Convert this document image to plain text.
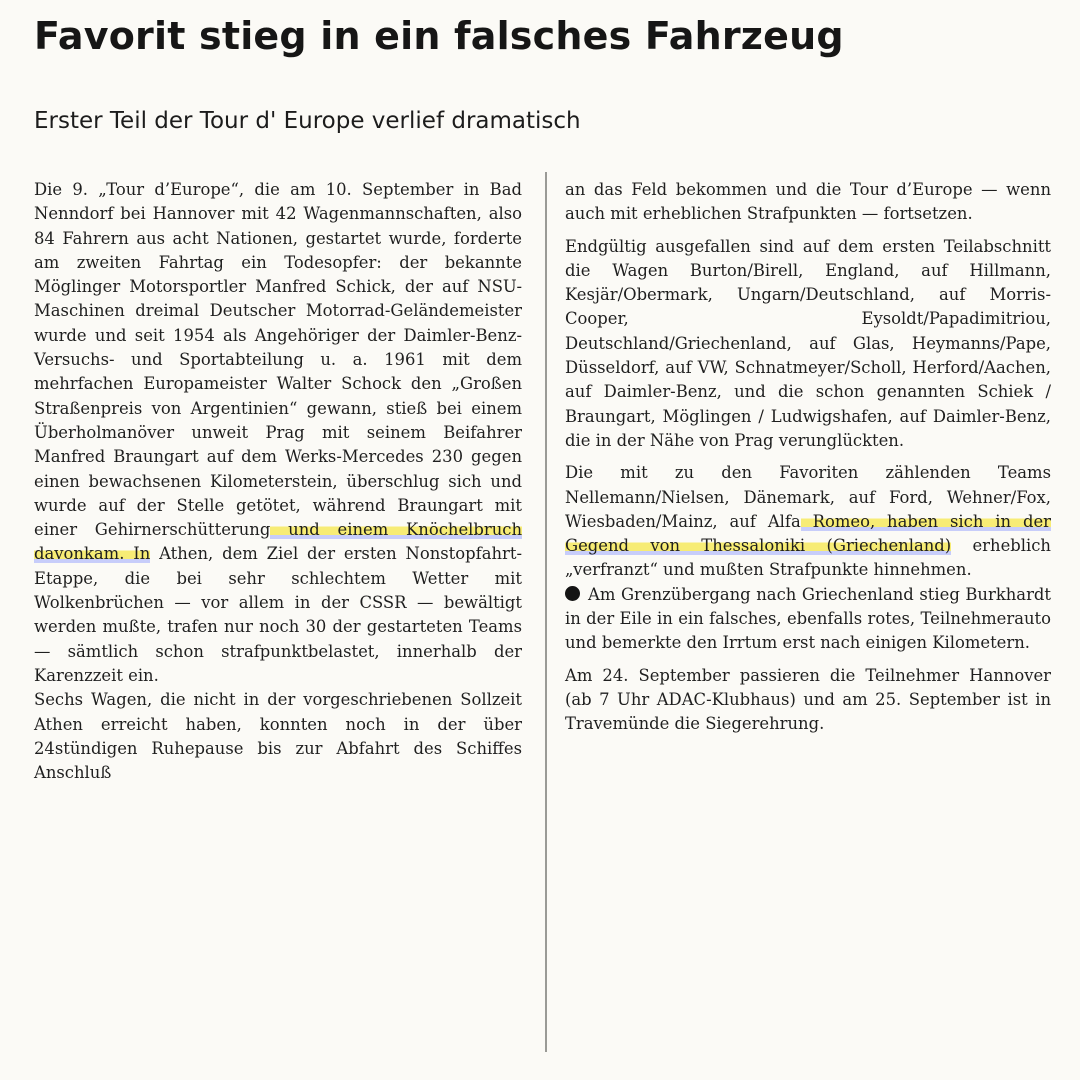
Favorit stieg in ein falsches Fahrzeug
Erster Teil der Tour d' Europe verlief dramatisch

Die 9. „Tour d’Europe“, die am 10. September in Bad Nenndorf bei Hannover mit 42 Wagenmannschaften, also 84 Fahrern aus acht Nationen, gestartet wurde, forderte am zweiten Fahrtag ein Todesopfer: der bekannte Möglinger Motorsportler Manfred Schick, der auf NSU-Maschinen dreimal Deutscher Motorrad-Geländemeister wurde und seit 1954 als Angehöriger der Daimler-Benz-Versuchs- und Sportabteilung u. a. 1961 mit dem mehrfachen Europameister Walter Schock den „Großen Straßenpreis von Argentinien“ gewann, stieß bei einem Überholmanöver unweit Prag mit seinem Beifahrer Manfred Braungart auf dem Werks-Mercedes 230 gegen einen bewachsenen Kilometerstein, überschlug sich und wurde auf der Stelle getötet, während Braungart mit einer Gehirnerschütterung und einem Knöchelbruch davonkam. In Athen, dem Ziel der ersten Nonstopfahrt-Etappe, die bei sehr schlechtem Wetter mit Wolkenbrüchen — vor allem in der CSSR — bewältigt werden mußte, trafen nur noch 30 der gestarteten Teams — sämtlich schon strafpunktbelastet, innerhalb der Karenzzeit ein.

Sechs Wagen, die nicht in der vorgeschriebenen Sollzeit Athen erreicht haben, konnten noch in der über 24stündigen Ruhepause bis zur Abfahrt des Schiffes Anschluß

an das Feld bekommen und die Tour d’Europe — wenn auch mit erheblichen Strafpunkten — fortsetzen.

Endgültig ausgefallen sind auf dem ersten Teilabschnitt die Wagen Burton/Birell, England, auf Hillmann, Kesjär/Obermark, Ungarn/Deutschland, auf Morris-Cooper, Eysoldt/Papadimitriou, Deutschland/Griechenland, auf Glas, Heymanns/Pape, Düsseldorf, auf VW, Schnatmeyer/Scholl, Herford/Aachen, auf Daimler-Benz, und die schon genannten Schiek / Braungart, Möglingen / Ludwigshafen, auf Daimler-Benz, die in der Nähe von Prag verunglückten.

Die mit zu den Favoriten zählenden Teams Nellemann/Nielsen, Dänemark, auf Ford, Wehner/Fox, Wiesbaden/Mainz, auf Alfa Romeo, haben sich in der Gegend von Thessaloniki (Griechenland) erheblich „verfranzt“ und mußten Strafpunkte hinnehmen.

Am Grenzübergang nach Griechenland stieg Burkhardt in der Eile in ein falsches, ebenfalls rotes, Teilnehmerauto und bemerkte den Irrtum erst nach einigen Kilometern.

Am 24. September passieren die Teilnehmer Hannover (ab 7 Uhr ADAC-Klubhaus) und am 25. September ist in Travemünde die Siegerehrung.
